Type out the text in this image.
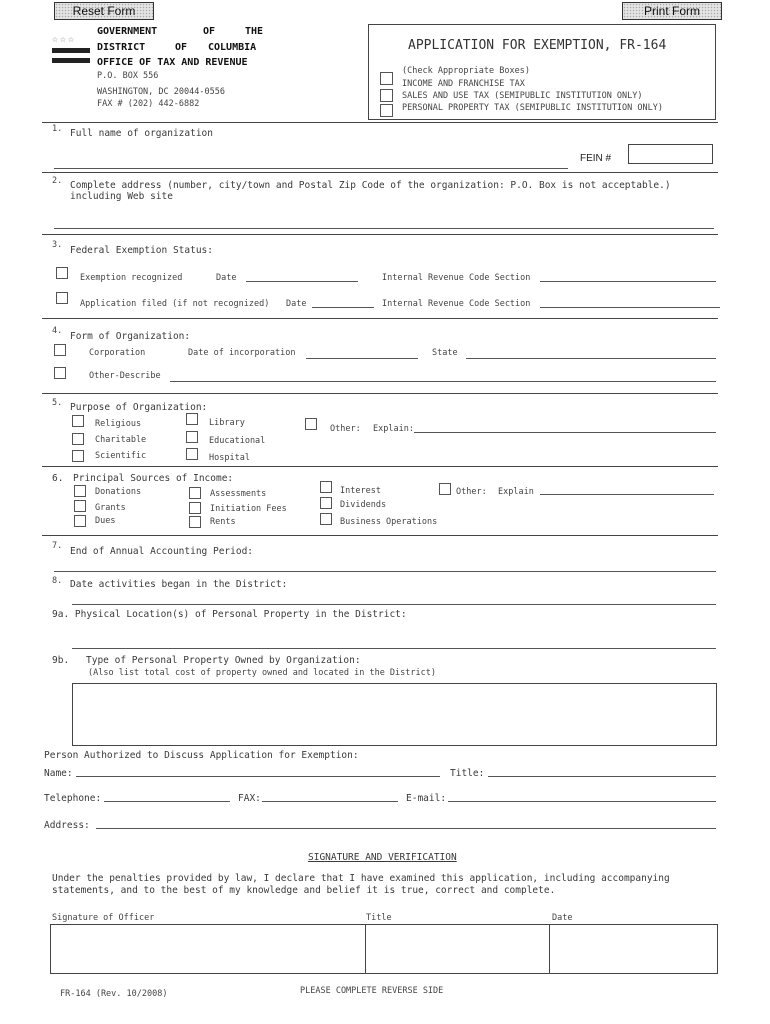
Reset Form	Print Form
☆☆☆
GOVERNMENT	OF	THE
DISTRICT	OF COLUMBIA
OFFICE OF TAX AND REVENUE
P.O. BOX 556
WASHINGTON, DC 20044-0556
FAX # (202) 442-6882
APPLICATION FOR EXEMPTION, FR-164
(Check Appropriate Boxes)
INCOME AND FRANCHISE TAX
SALES AND USE TAX (SEMIPUBLIC INSTITUTION ONLY)
PERSONAL PROPERTY TAX (SEMIPUBLIC INSTITUTION ONLY)
1. Full name of organization
FEIN #
2. Complete address (number, city/town and Postal Zip Code of the organization: P.O. Box is not acceptable.)
including Web site
3. Federal Exemption Status:
Exemption recognized	Date	Internal Revenue Code Section
Application filed (if not recognized) Date	Internal Revenue Code Section
4. Form of Organization:
Corporation	Date of incorporation	State
Other-Describe
5. Purpose of Organization:
Religious
Charitable
Scientific
Library
Educational
Hospital
Other: Explain:
6. Principal Sources of Income:
Donations
Grants
Dues
Assessments
Initiation Fees
Rents
Interest
Dividends
Business Operations
Other: Explain
7. End of Annual Accounting Period:
8. Date activities began in the District:
9a. Physical Location(s) of Personal Property in the District:
9b. Type of Personal Property Owned by Organization:
(Also list total cost of property owned and located in the District)
Person Authorized to Discuss Application for Exemption:
Name:	Title:
Telephone:	FAX:	E-mail:
Address:
SIGNATURE AND VERIFICATION
Under the penalties provided by law, I declare that I have examined this application, including accompanying
statements, and to the best of my knowledge and belief it is true, correct and complete.
Signature of Officer	Title	Date
FR-164 (Rev. 10/2008)	PLEASE COMPLETE REVERSE SIDE
